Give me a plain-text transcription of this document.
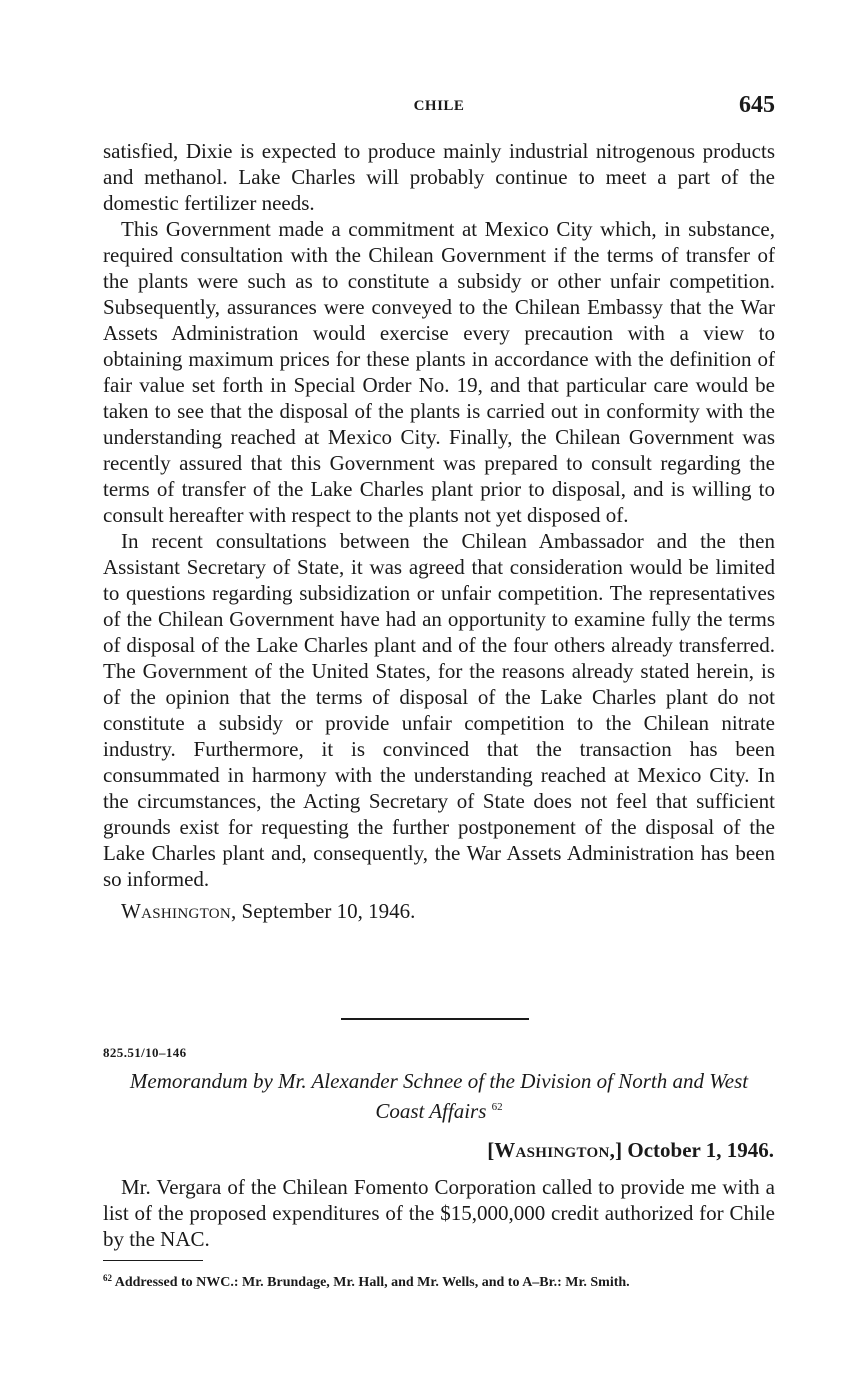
CHILE	645

satisfied, Dixie is expected to produce mainly industrial nitrogenous products and methanol. Lake Charles will probably continue to meet a part of the domestic fertilizer needs.

This Government made a commitment at Mexico City which, in substance, required consultation with the Chilean Government if the terms of transfer of the plants were such as to constitute a subsidy or other unfair competition. Subsequently, assurances were conveyed to the Chilean Embassy that the War Assets Administration would exercise every precaution with a view to obtaining maximum prices for these plants in accordance with the definition of fair value set forth in Special Order No. 19, and that particular care would be taken to see that the disposal of the plants is carried out in conformity with the understanding reached at Mexico City. Finally, the Chilean Government was recently assured that this Government was prepared to consult regarding the terms of transfer of the Lake Charles plant prior to disposal, and is willing to consult hereafter with respect to the plants not yet disposed of.

In recent consultations between the Chilean Ambassador and the then Assistant Secretary of State, it was agreed that consideration would be limited to questions regarding subsidization or unfair competition. The representatives of the Chilean Government have had an opportunity to examine fully the terms of disposal of the Lake Charles plant and of the four others already transferred. The Government of the United States, for the reasons already stated herein, is of the opinion that the terms of disposal of the Lake Charles plant do not constitute a subsidy or provide unfair competition to the Chilean nitrate industry. Furthermore, it is convinced that the transaction has been consummated in harmony with the understanding reached at Mexico City. In the circumstances, the Acting Secretary of State does not feel that sufficient grounds exist for requesting the further postponement of the disposal of the Lake Charles plant and, consequently, the War Assets Administration has been so informed.

Washington, September 10, 1946.

825.51/10–146
Memorandum by Mr. Alexander Schnee of the Division of North and West Coast Affairs $^{62}$
[Washington,] October 1, 1946.

Mr. Vergara of the Chilean Fomento Corporation called to provide me with a list of the proposed expenditures of the $15,000,000 credit authorized for Chile by the NAC.

$^{62}$ Addressed to NWC.: Mr. Brundage, Mr. Hall, and Mr. Wells, and to A–Br.: Mr. Smith.
